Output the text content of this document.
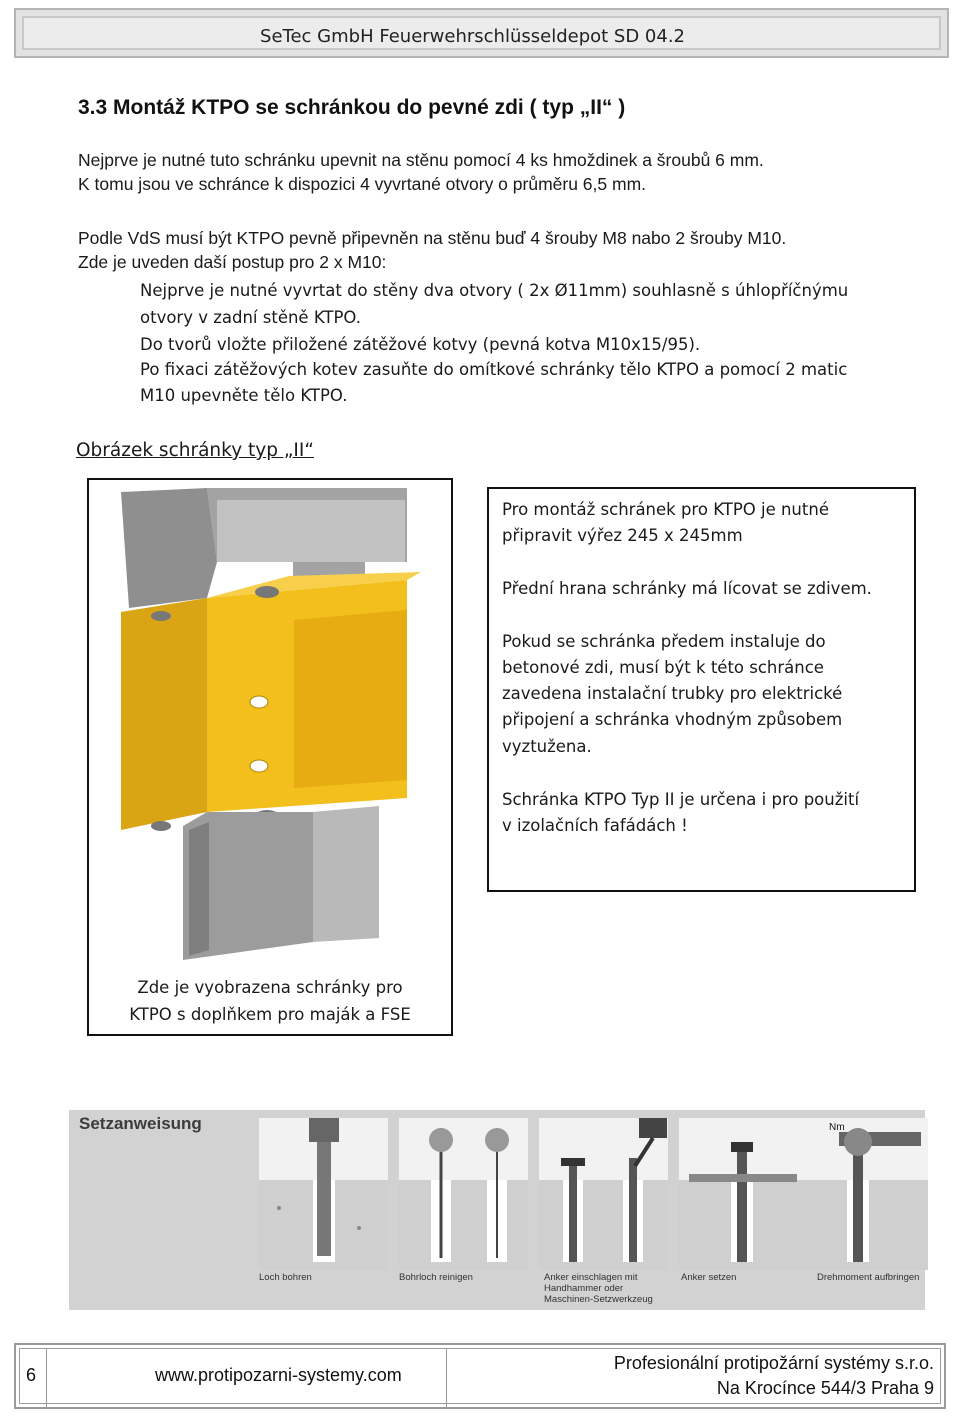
SeTec GmbH Feuerwehrschlüsseldepot SD 04.2
3.3 Montáž KTPO se schránkou do pevné zdi ( typ „II“ )
Nejprve je nutné tuto schránku upevnit na stěnu pomocí 4 ks hmoždinek a šroubů 6 mm.
K tomu jsou ve schránce k dispozici 4 vyvrtané otvory o průměru 6,5 mm.
Podle VdS musí být KTPO pevně připevněn na stěnu buď 4 šrouby M8 nabo 2 šrouby M10.
Zde je uveden daší postup pro 2 x M10:
Nejprve je nutné vyvrtat do stěny dva otvory ( 2x Ø11mm) souhlasně s úhlopříčnýmu
otvory v zadní stěně KTPO.
Do tvorů vložte přiložené zátěžové kotvy (pevná kotva M10x15/95).
Po fixaci zátěžových kotev zasuňte do omítkové schránky tělo KTPO a pomocí 2 matic
M10 upevněte tělo KTPO.
Obrázek schránky typ „II“
Zde je vyobrazena schránky pro
KTPO s doplňkem pro maják a FSE
Pro montáž schránek pro KTPO je nutné
připravit výřez 245 x 245mm
Přední hrana schránky má lícovat se zdivem.
Pokud se schránka předem instaluje do
betonové zdi, musí být k této schránce
zavedena instalační trubky pro elektrické
připojení a schránka vhodným způsobem
vyztužena.
Schránka KTPO Typ II je určena i pro použití
v izolačních fafádách !
Setzanweisung
Loch bohren	Bohrloch reinigen	Anker einschlagen mit
Handhammer oder
Maschinen-Setzwerkzeug
Anker setzen
Nm
Drehmoment aufbringen
6	www.protipozarni-systemy.com
Profesionální protipožární systémy s.r.o.
Na Krocínce 544/3 Praha 9
